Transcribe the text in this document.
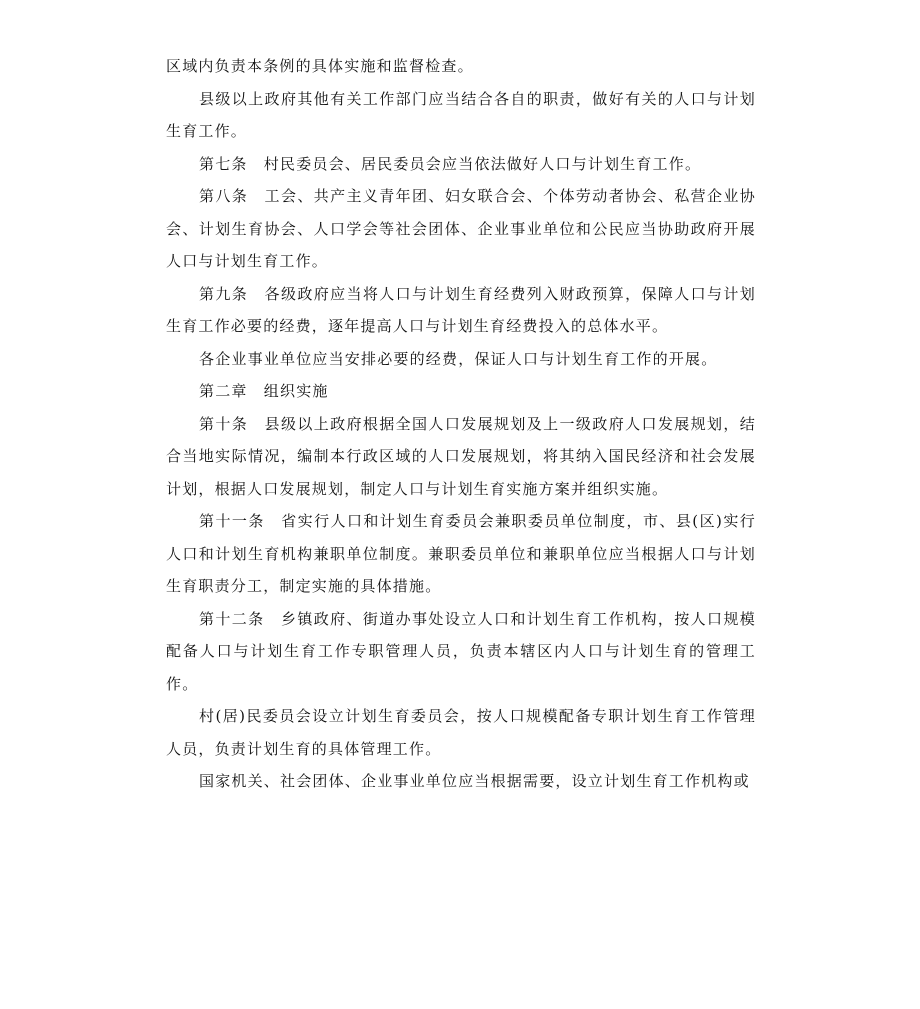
区域内负责本条例的具体实施和监督检查。

县级以上政府其他有关工作部门应当结合各自的职责，做好有关的人口与计划生育工作。

第七条　村民委员会、居民委员会应当依法做好人口与计划生育工作。

第八条　工会、共产主义青年团、妇女联合会、个体劳动者协会、私营企业协会、计划生育协会、人口学会等社会团体、企业事业单位和公民应当协助政府开展人口与计划生育工作。

第九条　各级政府应当将人口与计划生育经费列入财政预算，保障人口与计划生育工作必要的经费，逐年提高人口与计划生育经费投入的总体水平。

各企业事业单位应当安排必要的经费，保证人口与计划生育工作的开展。

第二章　组织实施

第十条　县级以上政府根据全国人口发展规划及上一级政府人口发展规划，结合当地实际情况，编制本行政区域的人口发展规划，将其纳入国民经济和社会发展计划，根据人口发展规划，制定人口与计划生育实施方案并组织实施。

第十一条　省实行人口和计划生育委员会兼职委员单位制度，市、县(区)实行人口和计划生育机构兼职单位制度。兼职委员单位和兼职单位应当根据人口与计划生育职责分工，制定实施的具体措施。

第十二条　乡镇政府、街道办事处设立人口和计划生育工作机构，按人口规模配备人口与计划生育工作专职管理人员，负责本辖区内人口与计划生育的管理工作。

村(居)民委员会设立计划生育委员会，按人口规模配备专职计划生育工作管理人员，负责计划生育的具体管理工作。

国家机关、社会团体、企业事业单位应当根据需要，设立计划生育工作机构或
